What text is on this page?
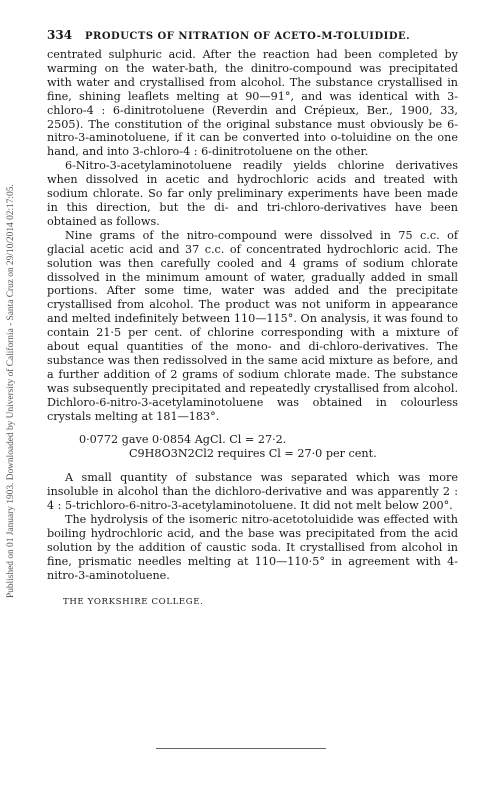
Published on 01 January 1903. Downloaded by University of California - Santa Cruz on 29/10/2014 02:17:05.
334	PRODUCTS OF NITRATION OF ACETO-M-TOLUIDIDE.

centrated sulphuric acid. After the reaction had been completed by warming on the water-bath, the dinitro-compound was precipitated with water and crystallised from alcohol. The substance crystallised in fine, shining leaflets melting at 90—91°, and was identical with 3-chloro-4 : 6-dinitrotoluene (Reverdin and Crépieux, Ber., 1900, 33, 2505). The constitution of the original substance must obviously be 6-nitro-3-aminotoluene, if it can be converted into o-toluidine on the one hand, and into 3-chloro-4 : 6-dinitrotoluene on the other.

6-Nitro-3-acetylaminotoluene readily yields chlorine derivatives when dissolved in acetic and hydrochloric acids and treated with sodium chlorate. So far only preliminary experiments have been made in this direction, but the di- and tri-chloro-derivatives have been obtained as follows.

Nine grams of the nitro-compound were dissolved in 75 c.c. of glacial acetic acid and 37 c.c. of concentrated hydrochloric acid. The solution was then carefully cooled and 4 grams of sodium chlorate dissolved in the minimum amount of water, gradually added in small portions. After some time, water was added and the precipitate crystallised from alcohol. The product was not uniform in appearance and melted indefinitely between 110—115°. On analysis, it was found to contain 21·5 per cent. of chlorine corresponding with a mixture of about equal quantities of the mono- and di-chloro-derivatives. The substance was then redissolved in the same acid mixture as before, and a further addition of 2 grams of sodium chlorate made. The substance was subsequently precipitated and repeatedly crystallised from alcohol. Dichloro-6-nitro-3-acetylaminotoluene was obtained in colourless crystals melting at 181—183°.

0·0772 gave 0·0854 AgCl. Cl = 27·2.
C9H8O3N2Cl2 requires Cl = 27·0 per cent.

A small quantity of substance was separated which was more insoluble in alcohol than the dichloro-derivative and was apparently 2 : 4 : 5-trichloro-6-nitro-3-acetylaminotoluene. It did not melt below 200°.

The hydrolysis of the isomeric nitro-acetotoluidide was effected with boiling hydrochloric acid, and the base was precipitated from the acid solution by the addition of caustic soda. It crystallised from alcohol in fine, prismatic needles melting at 110—110·5° in agreement with 4-nitro-3-aminotoluene.

THE YORKSHIRE COLLEGE.
